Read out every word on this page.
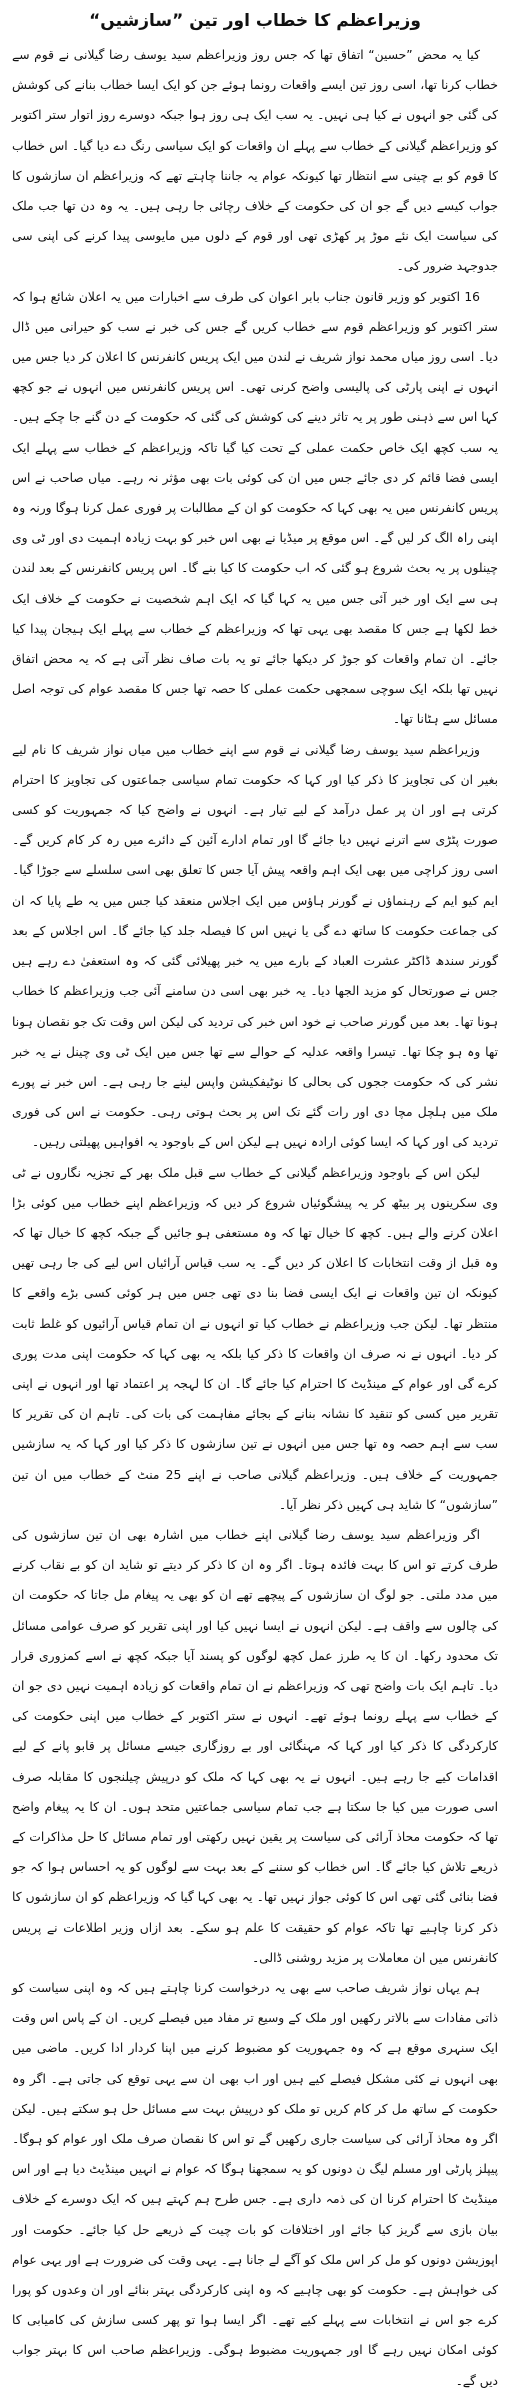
وزیراعظم کا خطاب اور تین ”سازشیں“

کیا یہ محض ”حسین“ اتفاق تھا کہ جس روز وزیراعظم سید یوسف رضا گیلانی نے قوم سے خطاب کرنا تھا، اسی روز تین ایسے واقعات رونما ہوئے جن کو ایک ایسا خطاب بنانے کی کوشش کی گئی جو انہوں نے کیا ہی نہیں۔ یہ سب ایک ہی روز ہوا جبکہ دوسرے روز اتوار ستر اکتوبر کو وزیراعظم گیلانی کے خطاب سے پہلے ان واقعات کو ایک سیاسی رنگ دے دیا گیا۔ اس خطاب کا قوم کو بے چینی سے انتظار تھا کیونکہ عوام یہ جاننا چاہتے تھے کہ وزیراعظم ان سازشوں کا جواب کیسے دیں گے جو ان کی حکومت کے خلاف رچائی جا رہی ہیں۔ یہ وہ دن تھا جب ملک کی سیاست ایک نئے موڑ پر کھڑی تھی اور قوم کے دلوں میں مایوسی پیدا کرنے کی اپنی سی جدوجہد ضرور کی۔

16 اکتوبر کو وزیر قانون جناب بابر اعوان کی طرف سے اخبارات میں یہ اعلان شائع ہوا کہ ستر اکتوبر کو وزیراعظم قوم سے خطاب کریں گے جس کی خبر نے سب کو حیرانی میں ڈال دیا۔ اسی روز میاں محمد نواز شریف نے لندن میں ایک پریس کانفرنس کا اعلان کر دیا جس میں انہوں نے اپنی پارٹی کی پالیسی واضح کرنی تھی۔ اس پریس کانفرنس میں انہوں نے جو کچھ کہا اس سے ذہنی طور پر یہ تاثر دینے کی کوشش کی گئی کہ حکومت کے دن گنے جا چکے ہیں۔ یہ سب کچھ ایک خاص حکمت عملی کے تحت کیا گیا تاکہ وزیراعظم کے خطاب سے پہلے ایک ایسی فضا قائم کر دی جائے جس میں ان کی کوئی بات بھی مؤثر نہ رہے۔ میاں صاحب نے اس پریس کانفرنس میں یہ بھی کہا کہ حکومت کو ان کے مطالبات پر فوری عمل کرنا ہوگا ورنہ وہ اپنی راہ الگ کر لیں گے۔ اس موقع پر میڈیا نے بھی اس خبر کو بہت زیادہ اہمیت دی اور ٹی وی چینلوں پر یہ بحث شروع ہو گئی کہ اب حکومت کا کیا بنے گا۔ اس پریس کانفرنس کے بعد لندن ہی سے ایک اور خبر آئی جس میں یہ کہا گیا کہ ایک اہم شخصیت نے حکومت کے خلاف ایک خط لکھا ہے جس کا مقصد بھی یہی تھا کہ وزیراعظم کے خطاب سے پہلے ایک ہیجان پیدا کیا جائے۔ ان تمام واقعات کو جوڑ کر دیکھا جائے تو یہ بات صاف نظر آتی ہے کہ یہ محض اتفاق نہیں تھا بلکہ ایک سوچی سمجھی حکمت عملی کا حصہ تھا جس کا مقصد عوام کی توجہ اصل مسائل سے ہٹانا تھا۔

وزیراعظم سید یوسف رضا گیلانی نے قوم سے اپنے خطاب میں میاں نواز شریف کا نام لیے بغیر ان کی تجاویز کا ذکر کیا اور کہا کہ حکومت تمام سیاسی جماعتوں کی تجاویز کا احترام کرتی ہے اور ان پر عمل درآمد کے لیے تیار ہے۔ انہوں نے واضح کیا کہ جمہوریت کو کسی صورت پٹڑی سے اترنے نہیں دیا جائے گا اور تمام ادارے آئین کے دائرے میں رہ کر کام کریں گے۔ اسی روز کراچی میں بھی ایک اہم واقعہ پیش آیا جس کا تعلق بھی اسی سلسلے سے جوڑا گیا۔ ایم کیو ایم کے رہنماؤں نے گورنر ہاؤس میں ایک اجلاس منعقد کیا جس میں یہ طے پایا کہ ان کی جماعت حکومت کا ساتھ دے گی یا نہیں اس کا فیصلہ جلد کیا جائے گا۔ اس اجلاس کے بعد گورنر سندھ ڈاکٹر عشرت العباد کے بارے میں یہ خبر پھیلائی گئی کہ وہ استعفیٰ دے رہے ہیں جس نے صورتحال کو مزید الجھا دیا۔ یہ خبر بھی اسی دن سامنے آئی جب وزیراعظم کا خطاب ہونا تھا۔ بعد میں گورنر صاحب نے خود اس خبر کی تردید کی لیکن اس وقت تک جو نقصان ہونا تھا وہ ہو چکا تھا۔ تیسرا واقعہ عدلیہ کے حوالے سے تھا جس میں ایک ٹی وی چینل نے یہ خبر نشر کی کہ حکومت ججوں کی بحالی کا نوٹیفکیشن واپس لینے جا رہی ہے۔ اس خبر نے پورے ملک میں ہلچل مچا دی اور رات گئے تک اس پر بحث ہوتی رہی۔ حکومت نے اس کی فوری تردید کی اور کہا کہ ایسا کوئی ارادہ نہیں ہے لیکن اس کے باوجود یہ افواہیں پھیلتی رہیں۔

لیکن اس کے باوجود وزیراعظم گیلانی کے خطاب سے قبل ملک بھر کے تجزیہ نگاروں نے ٹی وی سکرینوں پر بیٹھ کر یہ پیشگوئیاں شروع کر دیں کہ وزیراعظم اپنے خطاب میں کوئی بڑا اعلان کرنے والے ہیں۔ کچھ کا خیال تھا کہ وہ مستعفی ہو جائیں گے جبکہ کچھ کا خیال تھا کہ وہ قبل از وقت انتخابات کا اعلان کر دیں گے۔ یہ سب قیاس آرائیاں اس لیے کی جا رہی تھیں کیونکہ ان تین واقعات نے ایک ایسی فضا بنا دی تھی جس میں ہر کوئی کسی بڑے واقعے کا منتظر تھا۔ لیکن جب وزیراعظم نے خطاب کیا تو انہوں نے ان تمام قیاس آرائیوں کو غلط ثابت کر دیا۔ انہوں نے نہ صرف ان واقعات کا ذکر کیا بلکہ یہ بھی کہا کہ حکومت اپنی مدت پوری کرے گی اور عوام کے مینڈیٹ کا احترام کیا جائے گا۔ ان کا لہجہ پر اعتماد تھا اور انہوں نے اپنی تقریر میں کسی کو تنقید کا نشانہ بنانے کے بجائے مفاہمت کی بات کی۔ تاہم ان کی تقریر کا سب سے اہم حصہ وہ تھا جس میں انہوں نے تین سازشوں کا ذکر کیا اور کہا کہ یہ سازشیں جمہوریت کے خلاف ہیں۔ وزیراعظم گیلانی صاحب نے اپنے 25 منٹ کے خطاب میں ان تین ”سازشوں“ کا شاید ہی کہیں ذکر نظر آیا۔

اگر وزیراعظم سید یوسف رضا گیلانی اپنے خطاب میں اشارہ بھی ان تین سازشوں کی طرف کرتے تو اس کا بہت فائدہ ہوتا۔ اگر وہ ان کا ذکر کر دیتے تو شاید ان کو بے نقاب کرنے میں مدد ملتی۔ جو لوگ ان سازشوں کے پیچھے تھے ان کو بھی یہ پیغام مل جاتا کہ حکومت ان کی چالوں سے واقف ہے۔ لیکن انہوں نے ایسا نہیں کیا اور اپنی تقریر کو صرف عوامی مسائل تک محدود رکھا۔ ان کا یہ طرز عمل کچھ لوگوں کو پسند آیا جبکہ کچھ نے اسے کمزوری قرار دیا۔ تاہم ایک بات واضح تھی کہ وزیراعظم نے ان تمام واقعات کو زیادہ اہمیت نہیں دی جو ان کے خطاب سے پہلے رونما ہوئے تھے۔ انہوں نے ستر اکتوبر کے خطاب میں اپنی حکومت کی کارکردگی کا ذکر کیا اور کہا کہ مہنگائی اور بے روزگاری جیسے مسائل پر قابو پانے کے لیے اقدامات کیے جا رہے ہیں۔ انہوں نے یہ بھی کہا کہ ملک کو درپیش چیلنجوں کا مقابلہ صرف اسی صورت میں کیا جا سکتا ہے جب تمام سیاسی جماعتیں متحد ہوں۔ ان کا یہ پیغام واضح تھا کہ حکومت محاذ آرائی کی سیاست پر یقین نہیں رکھتی اور تمام مسائل کا حل مذاکرات کے ذریعے تلاش کیا جائے گا۔ اس خطاب کو سننے کے بعد بہت سے لوگوں کو یہ احساس ہوا کہ جو فضا بنائی گئی تھی اس کا کوئی جواز نہیں تھا۔ یہ بھی کہا گیا کہ وزیراعظم کو ان سازشوں کا ذکر کرنا چاہیے تھا تاکہ عوام کو حقیقت کا علم ہو سکے۔ بعد ازاں وزیر اطلاعات نے پریس کانفرنس میں ان معاملات پر مزید روشنی ڈالی۔

ہم یہاں نواز شریف صاحب سے بھی یہ درخواست کرنا چاہتے ہیں کہ وہ اپنی سیاست کو ذاتی مفادات سے بالاتر رکھیں اور ملک کے وسیع تر مفاد میں فیصلے کریں۔ ان کے پاس اس وقت ایک سنہری موقع ہے کہ وہ جمہوریت کو مضبوط کرنے میں اپنا کردار ادا کریں۔ ماضی میں بھی انہوں نے کئی مشکل فیصلے کیے ہیں اور اب بھی ان سے یہی توقع کی جاتی ہے۔ اگر وہ حکومت کے ساتھ مل کر کام کریں تو ملک کو درپیش بہت سے مسائل حل ہو سکتے ہیں۔ لیکن اگر وہ محاذ آرائی کی سیاست جاری رکھیں گے تو اس کا نقصان صرف ملک اور عوام کو ہوگا۔ پیپلز پارٹی اور مسلم لیگ ن دونوں کو یہ سمجھنا ہوگا کہ عوام نے انہیں مینڈیٹ دیا ہے اور اس مینڈیٹ کا احترام کرنا ان کی ذمہ داری ہے۔ جس طرح ہم کہتے ہیں کہ ایک دوسرے کے خلاف بیان بازی سے گریز کیا جائے اور اختلافات کو بات چیت کے ذریعے حل کیا جائے۔ حکومت اور اپوزیشن دونوں کو مل کر اس ملک کو آگے لے جانا ہے۔ یہی وقت کی ضرورت ہے اور یہی عوام کی خواہش ہے۔ حکومت کو بھی چاہیے کہ وہ اپنی کارکردگی بہتر بنائے اور ان وعدوں کو پورا کرے جو اس نے انتخابات سے پہلے کیے تھے۔ اگر ایسا ہوا تو پھر کسی سازش کی کامیابی کا کوئی امکان نہیں رہے گا اور جمہوریت مضبوط ہوگی۔ وزیراعظم صاحب اس کا بہتر جواب دیں گے۔
